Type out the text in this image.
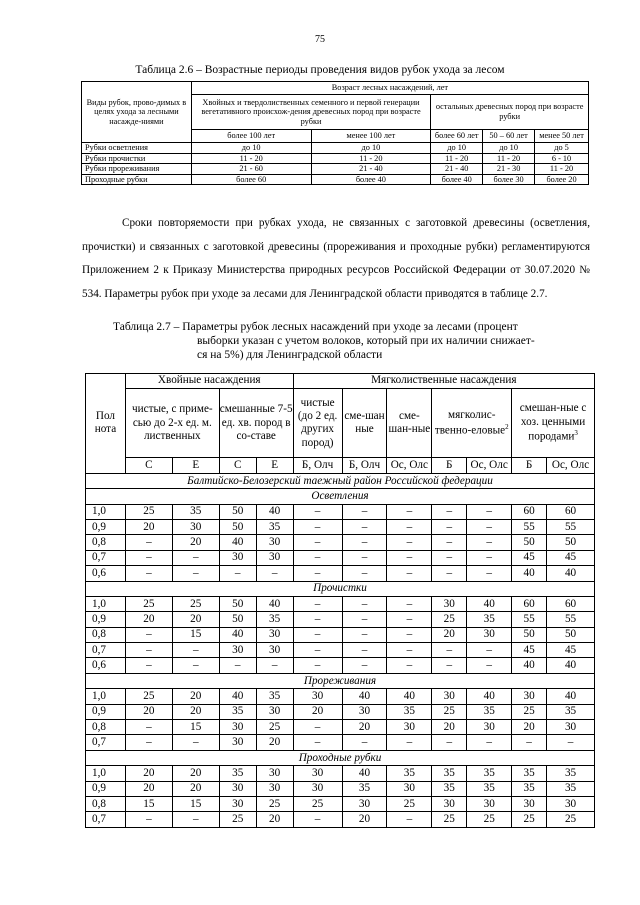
75
Таблица 2.6 – Возрастные периоды проведения видов рубок ухода за лесом
Виды рубок, прово-димых в целях ухода за лесными насажде-ниями	Возраст лесных насаждений, лет				
	Хвойных и твердолиственных семенного и первой генерации вегетативного происхож-дения древесных пород при возрасте рубки		остальных древесных пород при возрасте рубки		
	более 100 лет	менее 100 лет	более 60 лет	50 – 60 лет	менее 50 лет
Рубки осветления	до 10	до 10	до 10	до 10	до 5
Рубки прочистки	11 - 20	11 - 20	11 - 20	11 - 20	6 - 10
Рубки прореживания	21 - 60	21 - 40	21 - 40	21 - 30	11 - 20
Проходные рубки	более 60	более 40	более 40	более 30	более 20
Сроки повторяемости при рубках ухода, не связанных с заготовкой древесины (осветления, прочистки) и связанных с заготовкой древесины (прореживания и проходные рубки) регламентируются Приложением 2 к Приказу Министерства природных ресурсов Российской Федерации от 30.07.2020 № 534. Параметры рубок при уходе за лесами для Ленинградской области приводятся в таблице 2.7.
Таблица 2.7 – Параметры рубок лесных насаждений при уходе за лесами (процент
выборки указан с учетом волоков, который при их наличии снижает-
ся на 5%) для Ленинградской области
Пол нота	Хвойные насаждения				Мягколиственные насаждения						
	чистые, с приме-сью до 2-х ед. м. лиственных		смешанные 7-5 ед. хв. пород в со-ставе		чистые (до 2 ед. других пород)	сме-шан ные	сме-шан-ные	мягколис-твенно-еловые$^2$		смешан-ные с хоз. ценными породами$^3$
	С	Е	С	Е	Б, Олч	Б, Олч	Ос, Олс	Б	Ос, Олс	Б	Ос, Олс
Балтийско-Белозерский таежный район Российской федерации											
Осветления											
1,0	25	35	50	40	–	–	–	–	–	60	60
0,9	20	30	50	35	–	–	–	–	–	55	55
0,8	–	20	40	30	–	–	–	–	–	50	50
0,7	–	–	30	30	–	–	–	–	–	45	45
0,6	–	–	–	–	–	–	–	–	–	40	40
Прочистки											
1,0	25	25	50	40	–	–	–	30	40	60	60
0,9	20	20	50	35	–	–	–	25	35	55	55
0,8	–	15	40	30	–	–	–	20	30	50	50
0,7	–	–	30	30	–	–	–	–	–	45	45
0,6	–	–	–	–	–	–	–	–	–	40	40
Прореживания											
1,0	25	20	40	35	30	40	40	30	40	30	40
0,9	20	20	35	30	20	30	35	25	35	25	35
0,8	–	15	30	25	–	20	30	20	30	20	30
0,7	–	–	30	20	–	–	–	–	–	–	–
Проходные рубки											
1,0	20	20	35	30	30	40	35	35	35	35	35
0,9	20	20	30	30	30	35	30	35	35	35	35
0,8	15	15	30	25	25	30	25	30	30	30	30
0,7	–	–	25	20	–	20	–	25	25	25	25
